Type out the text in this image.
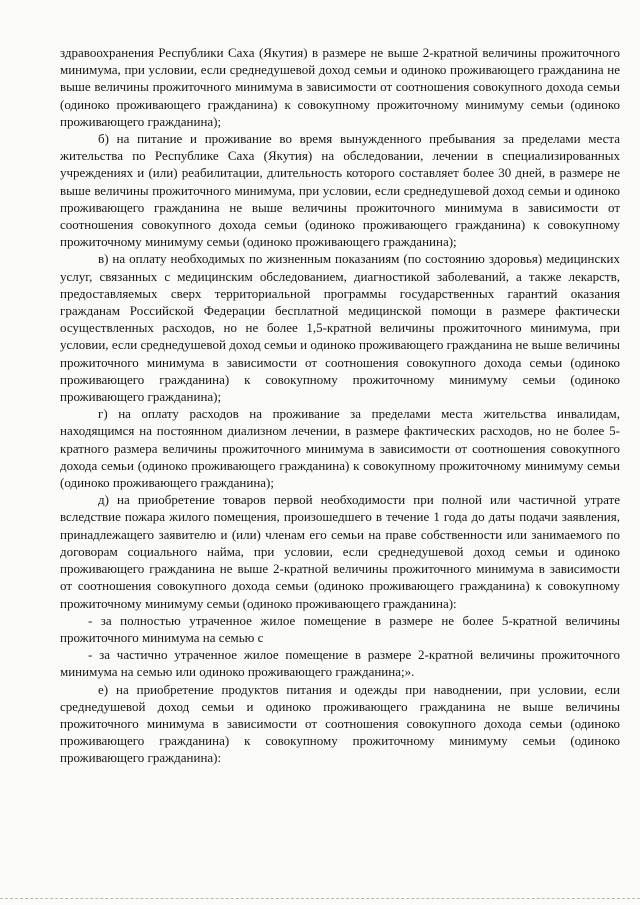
здравоохранения Республики Саха (Якутия) в размере не выше 2-кратной величины прожиточного минимума, при условии, если среднедушевой доход семьи и одиноко проживающего гражданина не выше величины прожиточного минимума в зависимости от соотношения совокупного дохода семьи (одиноко проживающего гражданина) к совокупному прожиточному минимуму семьи (одиноко проживающего гражданина);

б) на питание и проживание во время вынужденного пребывания за пределами места жительства по Республике Саха (Якутия) на обследовании, лечении в специализированных учреждениях и (или) реабилитации, длительность которого составляет более 30 дней, в размере не выше величины прожиточного минимума, при условии, если среднедушевой доход семьи и одиноко проживающего гражданина не выше величины прожиточного минимума в зависимости от соотношения совокупного дохода семьи (одиноко проживающего гражданина) к совокупному прожиточному минимуму семьи (одиноко проживающего гражданина);

в) на оплату необходимых по жизненным показаниям (по состоянию здоровья) медицинских услуг, связанных с медицинским обследованием, диагностикой заболеваний, а также лекарств, предоставляемых сверх территориальной программы государственных гарантий оказания гражданам Российской Федерации бесплатной медицинской помощи в размере фактически осуществленных расходов, но не более 1,5-кратной величины прожиточного минимума, при условии, если среднедушевой доход семьи и одиноко проживающего гражданина не выше величины прожиточного минимума в зависимости от соотношения совокупного дохода семьи (одиноко проживающего гражданина) к совокупному прожиточному минимуму семьи (одиноко проживающего гражданина);

г) на оплату расходов на проживание за пределами места жительства инвалидам, находящимся на постоянном диализном лечении, в размере фактических расходов, но не более 5-кратного размера величины прожиточного минимума в зависимости от соотношения совокупного дохода семьи (одиноко проживающего гражданина) к совокупному прожиточному минимуму семьи (одиноко проживающего гражданина);

д) на приобретение товаров первой необходимости при полной или частичной утрате вследствие пожара жилого помещения, произошедшего в течение 1 года до даты подачи заявления, принадлежащего заявителю и (или) членам его семьи на праве собственности или занимаемого по договорам социального найма, при условии, если среднедушевой доход семьи и одиноко проживающего гражданина не выше 2-кратной величины прожиточного минимума в зависимости от соотношения совокупного дохода семьи (одиноко проживающего гражданина) к совокупному прожиточному минимуму семьи (одиноко проживающего гражданина):

- за полностью утраченное жилое помещение в размере не более 5-кратной величины прожиточного минимума на семью с

- за частично утраченное жилое помещение в размере 2-кратной величины прожиточного минимума на семью или одиноко проживающего гражданина;».

е) на приобретение продуктов питания и одежды при наводнении, при условии, если среднедушевой доход семьи и одиноко проживающего гражданина не выше величины прожиточного минимума в зависимости от соотношения совокупного дохода семьи (одиноко проживающего гражданина) к совокупному прожиточному минимуму семьи (одиноко проживающего гражданина):
